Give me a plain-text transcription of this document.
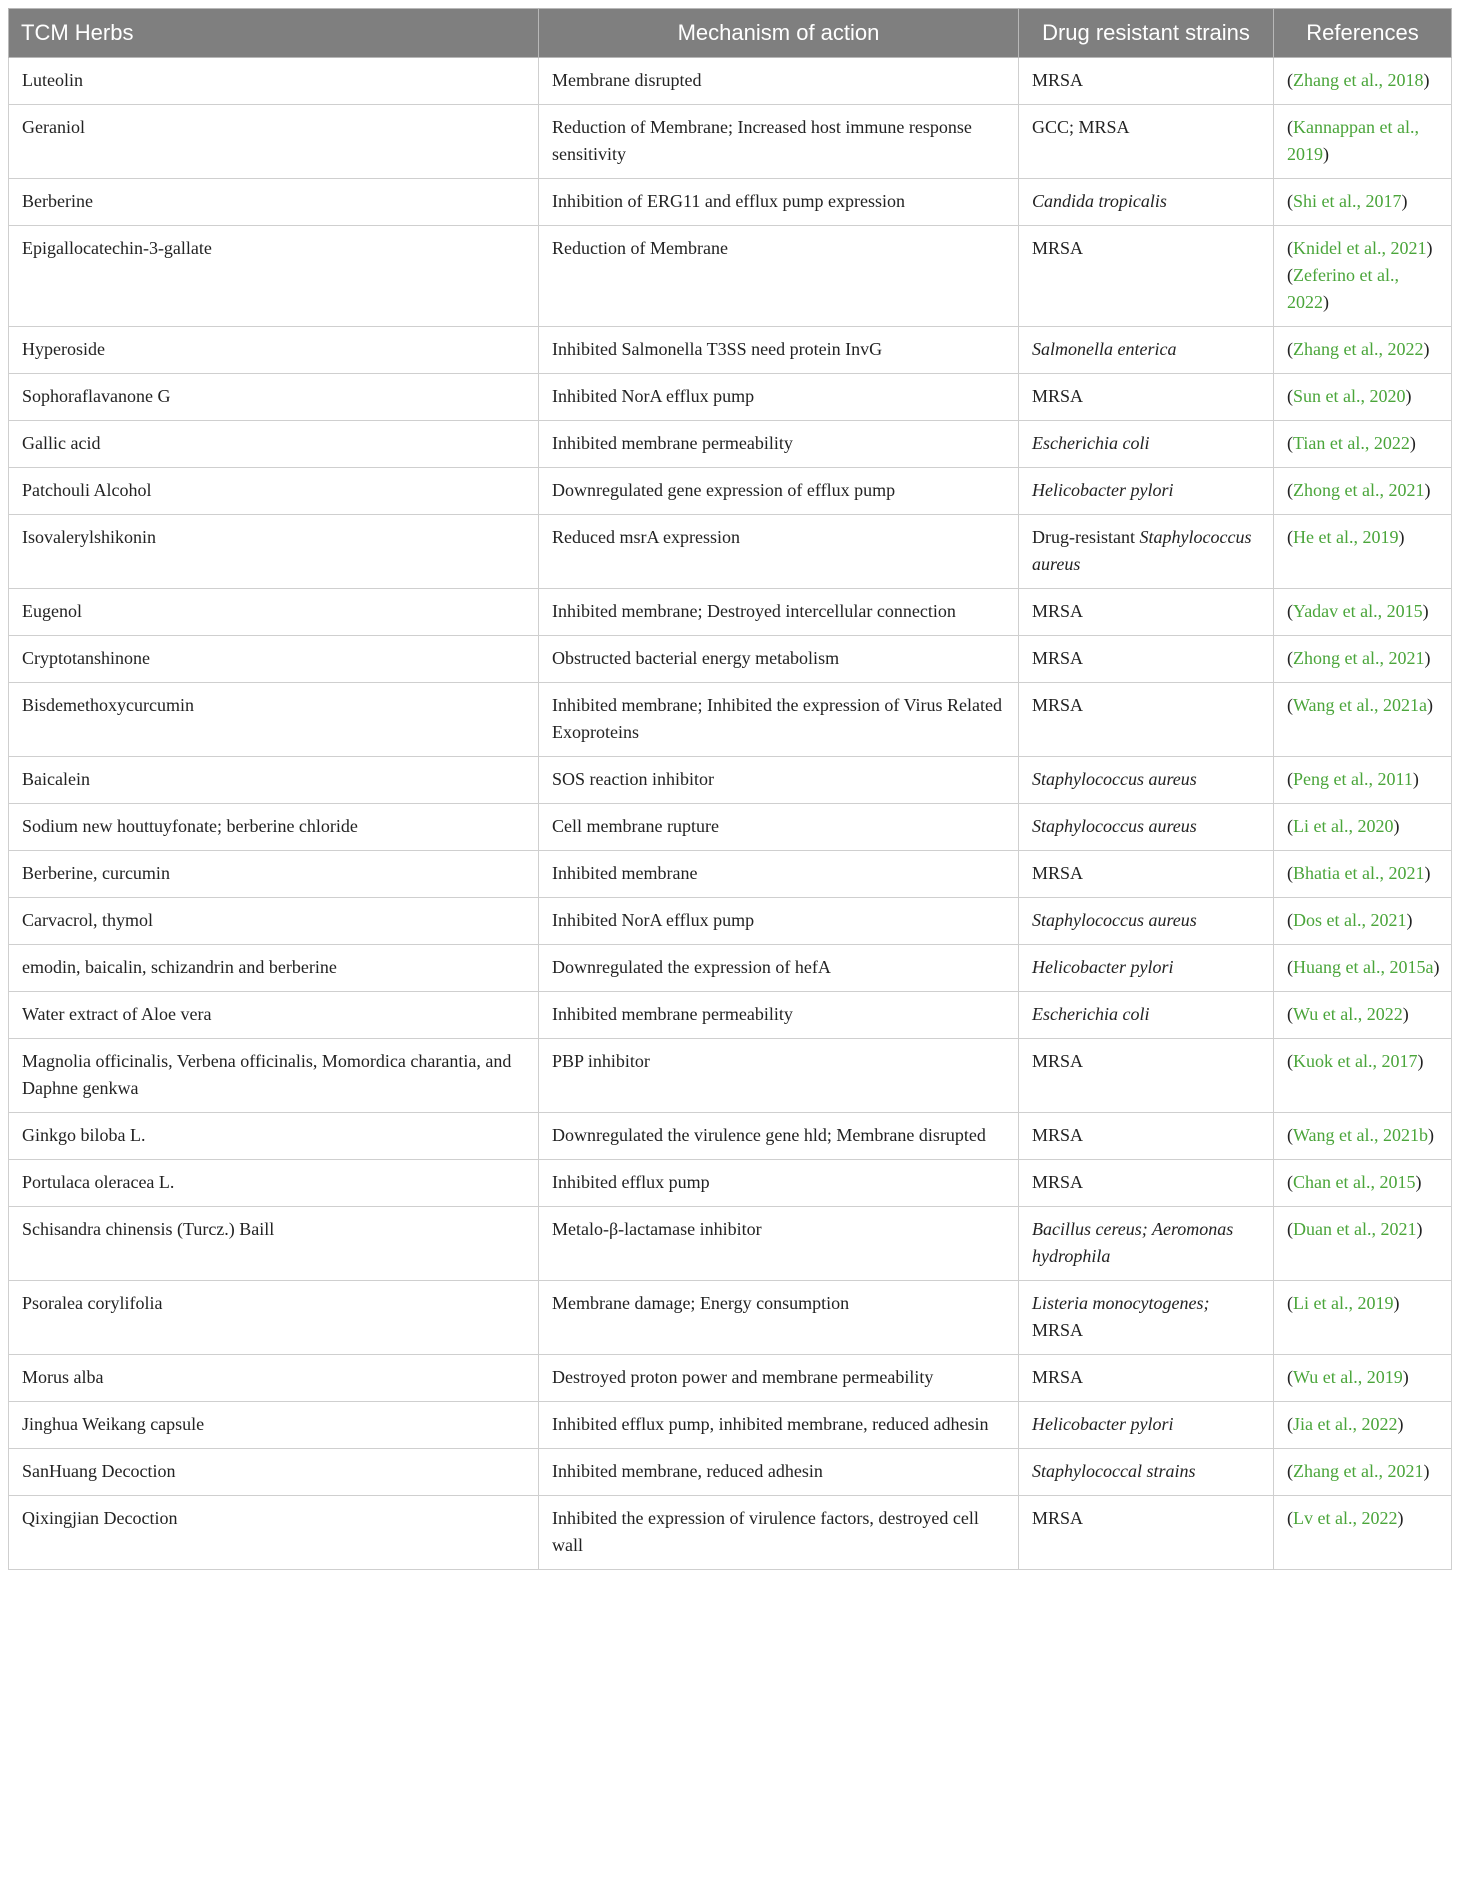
TCM Herbs	Mechanism of action	Drug resistant strains	References
Luteolin	Membrane disrupted	MRSA	(Zhang et al., 2018)

Geraniol	Reduction of Membrane; Increased host immune response sensitivity	GCC; MRSA	(Kannappan et al., 2019)

Berberine	Inhibition of ERG11 and efflux pump expression	Candida tropicalis	(Shi et al., 2017)

Epigallocatechin-3-gallate	Reduction of Membrane	MRSA	(Knidel et al., 2021)
(Zeferino et al., 2022)

Hyperoside	Inhibited Salmonella T3SS need protein InvG	Salmonella enterica	(Zhang et al., 2022)

Sophoraflavanone G	Inhibited NorA efflux pump	MRSA	(Sun et al., 2020)

Gallic acid	Inhibited membrane permeability	Escherichia coli	(Tian et al., 2022)

Patchouli Alcohol	Downregulated gene expression of efflux pump	Helicobacter pylori	(Zhong et al., 2021)

Isovalerylshikonin	Reduced msrA expression	Drug-resistant Staphylococcus aureus	(He et al., 2019)

Eugenol	Inhibited membrane; Destroyed intercellular connection	MRSA	(Yadav et al., 2015)

Cryptotanshinone	Obstructed bacterial energy metabolism	MRSA	(Zhong et al., 2021)

Bisdemethoxycurcumin	Inhibited membrane; Inhibited the expression of Virus Related Exoproteins	MRSA	(Wang et al., 2021a)

Baicalein	SOS reaction inhibitor	Staphylococcus aureus	(Peng et al., 2011)

Sodium new houttuyfonate; berberine chloride	Cell membrane rupture	Staphylococcus aureus	(Li et al., 2020)

Berberine, curcumin	Inhibited membrane	MRSA	(Bhatia et al., 2021)

Carvacrol, thymol	Inhibited NorA efflux pump	Staphylococcus aureus	(Dos et al., 2021)

emodin, baicalin, schizandrin and berberine	Downregulated the expression of hefA	Helicobacter pylori	(Huang et al., 2015a)

Water extract of Aloe vera	Inhibited membrane permeability	Escherichia coli	(Wu et al., 2022)

Magnolia officinalis, Verbena officinalis, Momordica charantia, and Daphne genkwa	PBP inhibitor	MRSA	(Kuok et al., 2017)

Ginkgo biloba L.	Downregulated the virulence gene hld; Membrane disrupted	MRSA	(Wang et al., 2021b)

Portulaca oleracea L.	Inhibited efflux pump	MRSA	(Chan et al., 2015)

Schisandra chinensis (Turcz.) Baill	Metalo-β-lactamase inhibitor	Bacillus cereus; Aeromonas hydrophila	(Duan et al., 2021)

Psoralea corylifolia	Membrane damage; Energy consumption	Listeria monocytogenes; MRSA	(Li et al., 2019)

Morus alba	Destroyed proton power and membrane permeability	MRSA	(Wu et al., 2019)

Jinghua Weikang capsule	Inhibited efflux pump, inhibited membrane, reduced adhesin	Helicobacter pylori	(Jia et al., 2022)

SanHuang Decoction	Inhibited membrane, reduced adhesin	Staphylococcal strains	(Zhang et al., 2021)

Qixingjian Decoction	Inhibited the expression of virulence factors, destroyed cell wall	MRSA	(Lv et al., 2022)
